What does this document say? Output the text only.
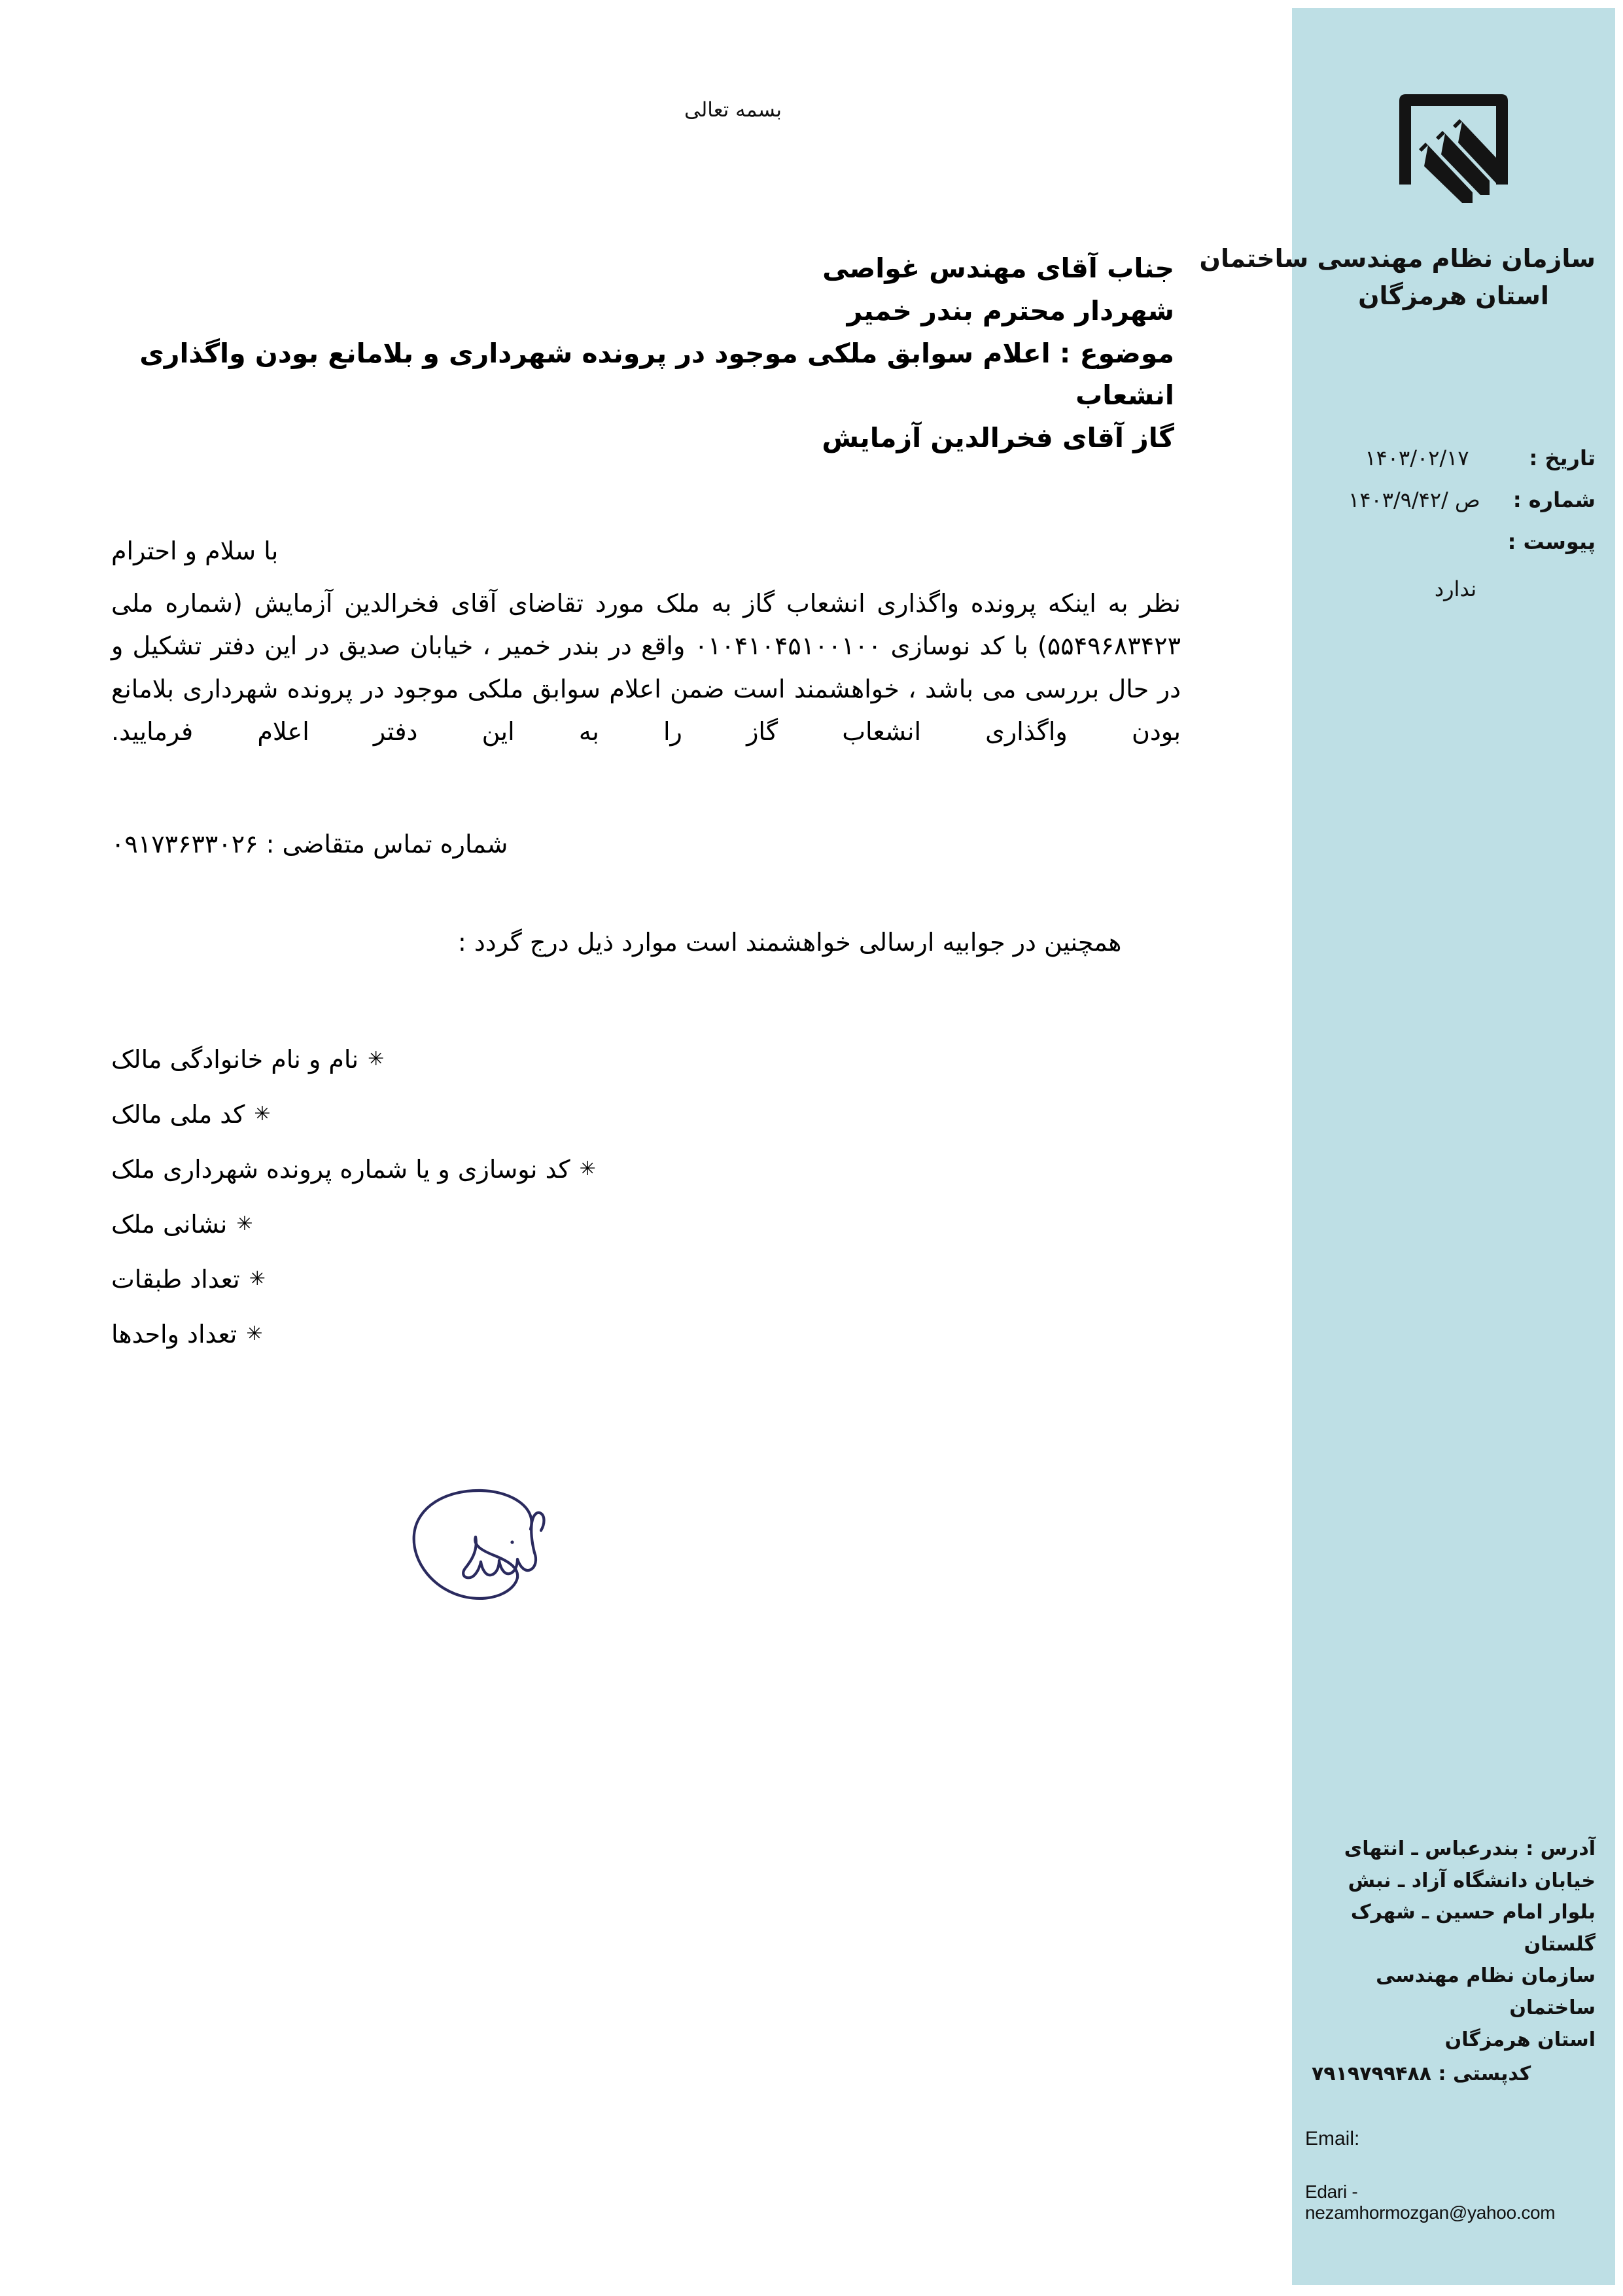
سازمان نظام مهندسی ساختمان
استان هرمزگان
تاریخ :
۱۴۰۳/۰۲/۱۷
شماره :
ص /۱۴۰۳/۹/۴۲
پیوست :
ندارد
آدرس : بندرعباس ـ انتهای
خیابان دانشگاه آزاد ـ نبش
بلوار امام حسین ـ شهرک
گلستان
سازمان نظام مهندسی ساختمان
استان هرمزگان
کدپستی : ۷۹۱۹۷۹۹۴۸۸
Email:
Edari - nezamhormozgan@yahoo.com
بسمه تعالی
جناب آقای مهندس غواصی
شهردار محترم بندر خمیر
موضوع : اعلام سوابق ملکی موجود در پرونده شهرداری و بلامانع بودن واگذاری انشعاب
گاز آقای فخرالدین آزمایش
با سلام و احترام
نظر به اینکه پرونده واگذاری انشعاب گاز به ملک مورد تقاضای آقای فخرالدین آزمایش (شماره ملی ۵۵۴۹۶۸۳۴۲۳) با کد نوسازی ۰۱۰۴۱۰۴۵۱۰۰۱۰۰ واقع در بندر خمیر ، خیابان صدیق در این دفتر تشکیل و در حال بررسی می باشد ، خواهشمند است ضمن اعلام سوابق ملکی موجود در پرونده شهرداری بلامانع بودن واگذاری انشعاب گاز را به این دفتر اعلام فرمایید.
شماره تماس متقاضی : ۰۹۱۷۳۶۳۳۰۲۶
همچنین در جوابیه ارسالی خواهشمند است موارد ذیل درج گردد :
✳نام و نام خانوادگی مالک
✳کد ملی مالک
✳کد نوسازی و یا شماره پرونده شهرداری ملک
✳نشانی ملک
✳تعداد طبقات
✳تعداد واحدها
